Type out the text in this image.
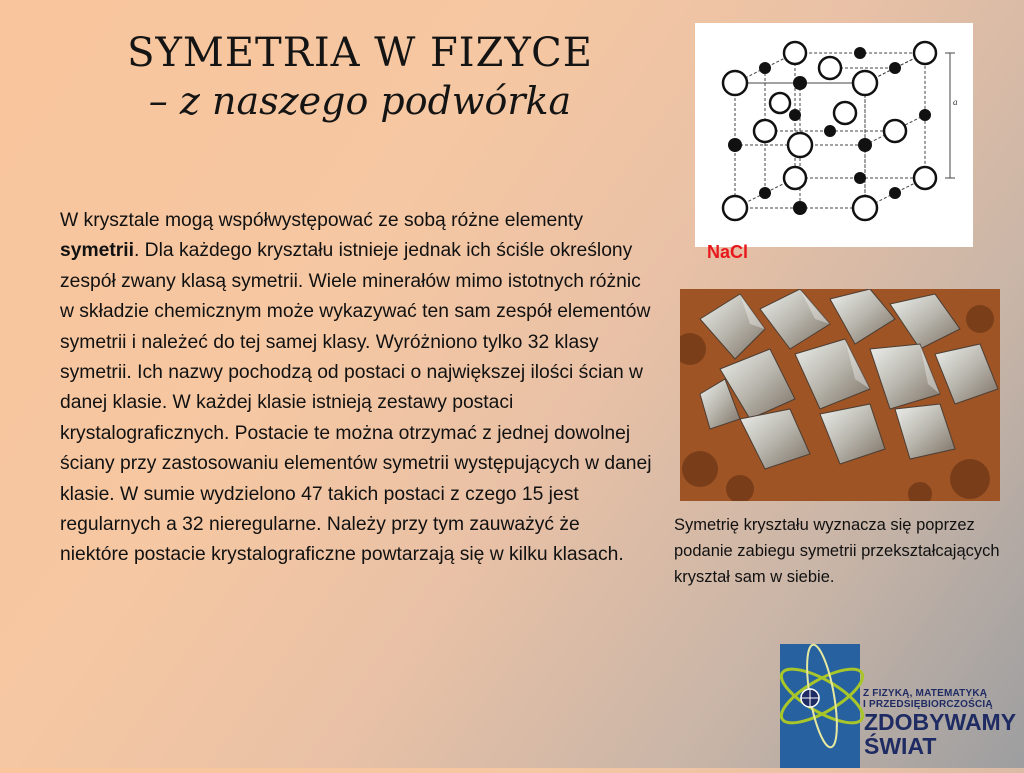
SYMETRIA W FIZYCE
– z naszego podwórka
W krysztale mogą współwystępować ze sobą różne elementy symetrii. Dla każdego kryształu istnieje jednak ich ściśle określony zespół zwany klasą symetrii. Wiele minerałów mimo istotnych różnic w składzie chemicznym może wykazywać ten sam zespół elementów symetrii i należeć do tej samej klasy. Wyróżniono tylko 32 klasy symetrii. Ich nazwy pochodzą od postaci o największej ilości ścian w danej klasie. W każdej klasie istnieją zestawy postaci krystalograficznych. Postacie te można otrzymać z jednej dowolnej ściany przy zastosowaniu elementów symetrii występujących w danej klasie. W sumie wydzielono 47 takich postaci z czego 15 jest regularnych a 32 nieregularne. Należy przy tym zauważyć że niektóre postacie krystalograficzne powtarzają się w kilku klasach.
a
NaCl
Symetrię kryształu wyznacza się poprzez podanie zabiegu symetrii przekształcających kryształ sam w siebie.
Z FIZYKĄ, MATEMATYKĄ
I PRZEDSIĘBIORCZOŚCIĄ
ZDOBYWAMY
ŚWIAT
